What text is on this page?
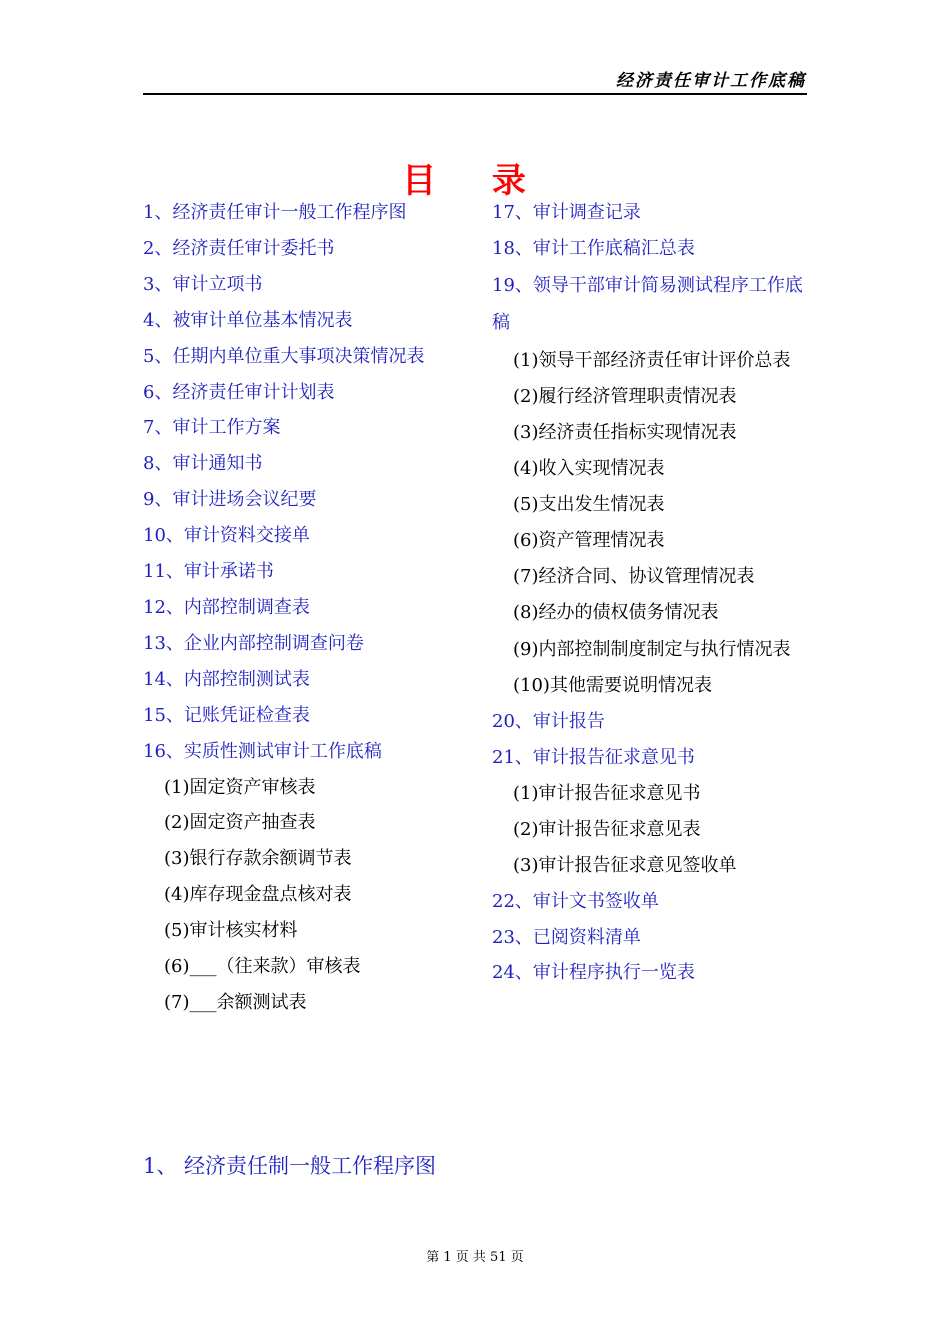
经济责任审计工作底稿
目 录
1、经济责任审计一般工作程序图
2、经济责任审计委托书
3、审计立项书
4、被审计单位基本情况表
5、任期内单位重大事项决策情况表
6、经济责任审计计划表
7、审计工作方案
8、审计通知书
9、审计进场会议纪要
10、审计资料交接单
11、审计承诺书
12、内部控制调查表
13、企业内部控制调查问卷
14、内部控制测试表
15、记账凭证检查表
16、实质性测试审计工作底稿
(1)固定资产审核表
(2)固定资产抽查表
(3)银行存款余额调节表
(4)库存现金盘点核对表
(5)审计核实材料
(6)___（往来款）审核表
(7)___余额测试表
17、审计调查记录
18、审计工作底稿汇总表
19、领导干部审计简易测试程序工作底稿
(1)领导干部经济责任审计评价总表
(2)履行经济管理职责情况表
(3)经济责任指标实现情况表
(4)收入实现情况表
(5)支出发生情况表
(6)资产管理情况表
(7)经济合同、协议管理情况表
(8)经办的债权债务情况表
(9)内部控制制度制定与执行情况表
(10)其他需要说明情况表
20、审计报告
21、审计报告征求意见书
(1)审计报告征求意见书
(2)审计报告征求意见表
(3)审计报告征求意见签收单
22、审计文书签收单
23、已阅资料清单
24、审计程序执行一览表
1、 经济责任制一般工作程序图
第 1 页 共 51 页
